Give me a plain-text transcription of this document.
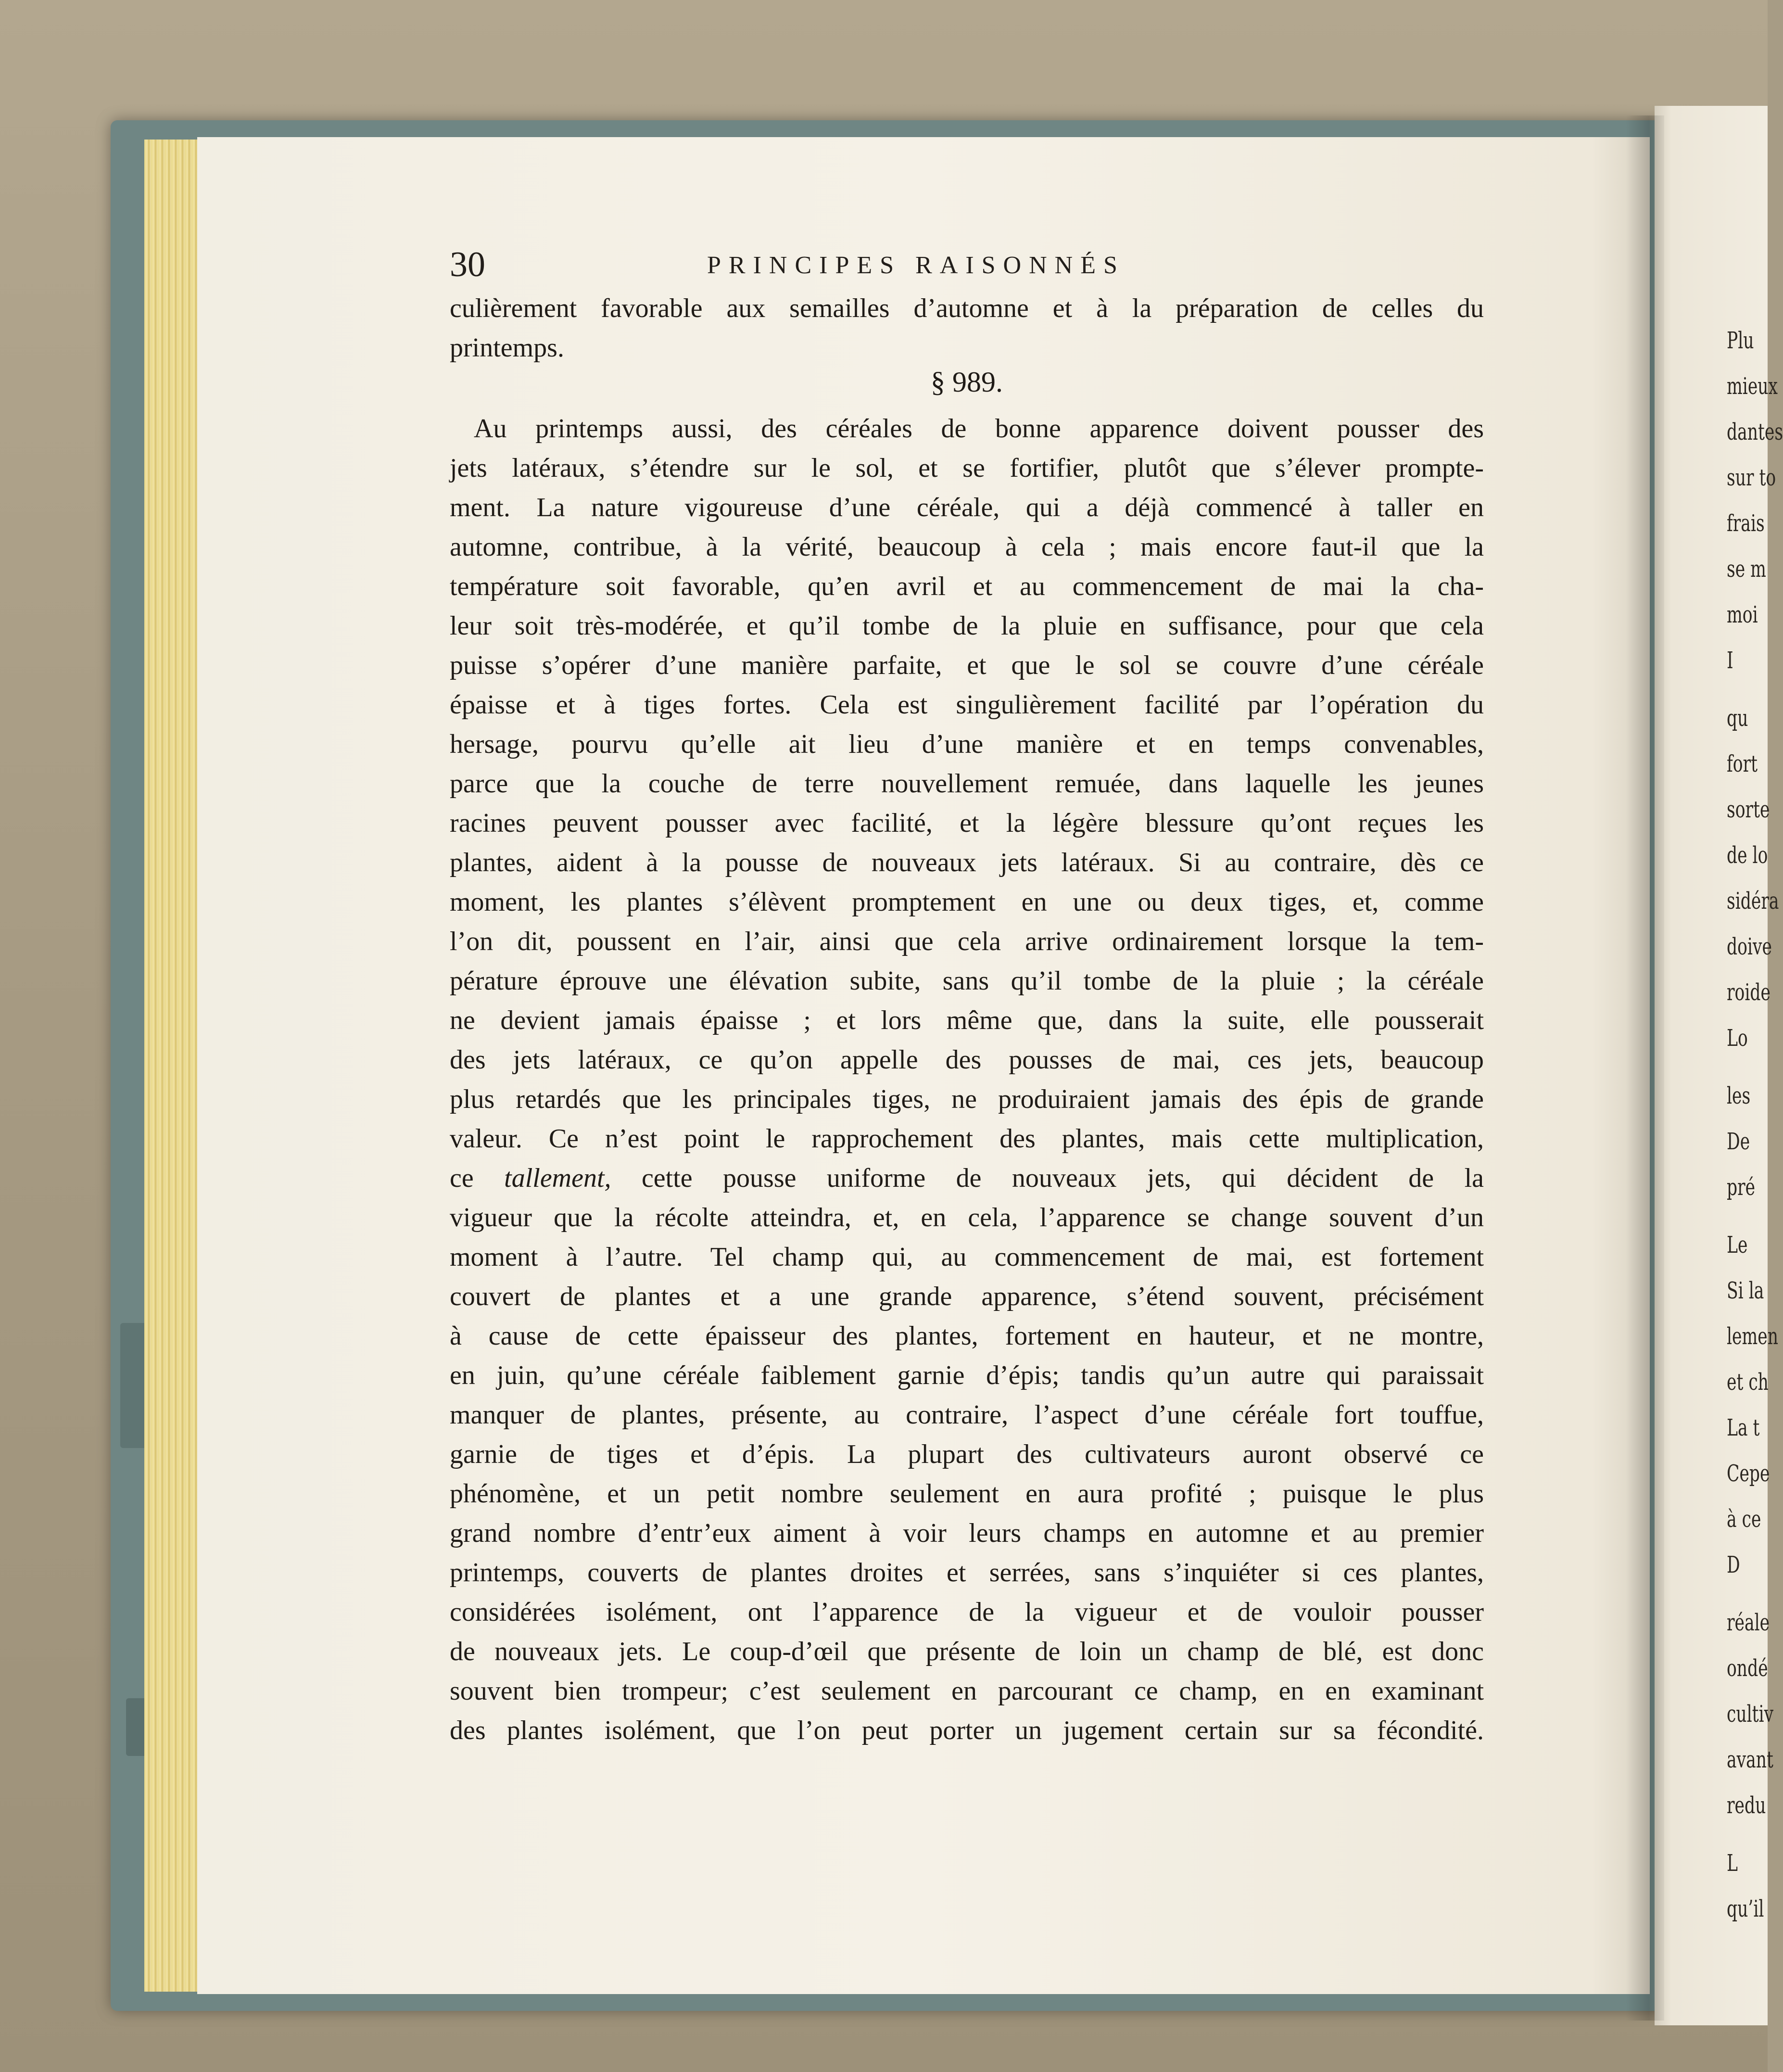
Plu
mieux
dantes
sur to
frais
se m
moi
I
qu
fort
sorte
de lo
sidéra
doive
roide
Lo
les
De
pré
Le
Si la
lemen
et ch
La t
Cepe
à ce
D
réale
ondé
cultiv
avant
redu
L
qu’il
30	PRINCIPES RAISONNÉS
culièrement favorable aux semailles d’automne et à la préparation de celles du
printemps.
§ 989.
Au printemps aussi, des céréales de bonne apparence doivent pousser des
jets latéraux, s’étendre sur le sol, et se fortifier, plutôt que s’élever prompte-
ment. La nature vigoureuse d’une céréale, qui a déjà commencé à taller en
automne, contribue, à la vérité, beaucoup à cela ; mais encore faut-il que la
température soit favorable, qu’en avril et au commencement de mai la cha-
leur soit très-modérée, et qu’il tombe de la pluie en suffisance, pour que cela
puisse s’opérer d’une manière parfaite, et que le sol se couvre d’une céréale
épaisse et à tiges fortes. Cela est singulièrement facilité par l’opération du
hersage, pourvu qu’elle ait lieu d’une manière et en temps convenables,
parce que la couche de terre nouvellement remuée, dans laquelle les jeunes
racines peuvent pousser avec facilité, et la légère blessure qu’ont reçues les
plantes, aident à la pousse de nouveaux jets latéraux. Si au contraire, dès ce
moment, les plantes s’élèvent promptement en une ou deux tiges, et, comme
l’on dit, poussent en l’air, ainsi que cela arrive ordinairement lorsque la tem-
pérature éprouve une élévation subite, sans qu’il tombe de la pluie ; la céréale
ne devient jamais épaisse ; et lors même que, dans la suite, elle pousserait
des jets latéraux, ce qu’on appelle des pousses de mai, ces jets, beaucoup
plus retardés que les principales tiges, ne produiraient jamais des épis de grande
valeur. Ce n’est point le rapprochement des plantes, mais cette multiplication,
ce tallement, cette pousse uniforme de nouveaux jets, qui décident de la
vigueur que la récolte atteindra, et, en cela, l’apparence se change souvent d’un
moment à l’autre. Tel champ qui, au commencement de mai, est fortement
couvert de plantes et a une grande apparence, s’étend souvent, précisément
à cause de cette épaisseur des plantes, fortement en hauteur, et ne montre,
en juin, qu’une céréale faiblement garnie d’épis; tandis qu’un autre qui paraissait
manquer de plantes, présente, au contraire, l’aspect d’une céréale fort touffue,
garnie de tiges et d’épis. La plupart des cultivateurs auront observé ce
phénomène, et un petit nombre seulement en aura profité ; puisque le plus
grand nombre d’entr’eux aiment à voir leurs champs en automne et au premier
printemps, couverts de plantes droites et serrées, sans s’inquiéter si ces plantes,
considérées isolément, ont l’apparence de la vigueur et de vouloir pousser
de nouveaux jets. Le coup-d’œil que présente de loin un champ de blé, est donc
souvent bien trompeur; c’est seulement en parcourant ce champ, en en examinant
des plantes isolément, que l’on peut porter un jugement certain sur sa fécondité.
